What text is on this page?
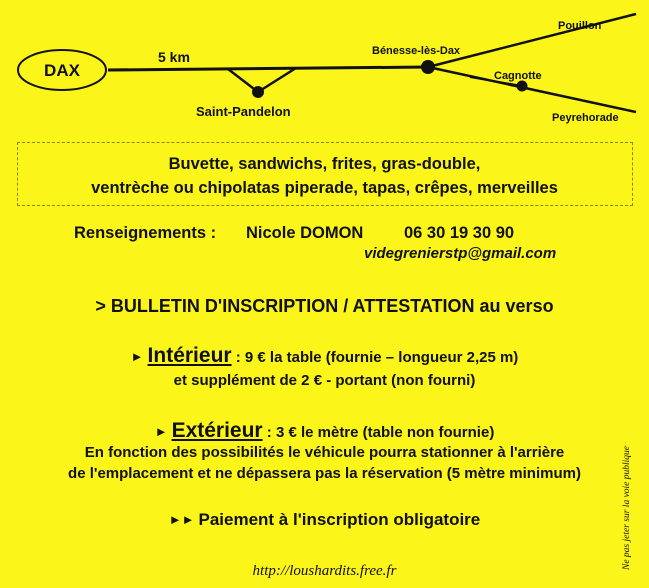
DAX
5 km
Saint-Pandelon
Bénesse-lès-Dax
Pouillon
Cagnotte
Peyrehorade
Buvette, sandwichs, frites, gras-double,
ventrèche ou chipolatas piperade, tapas, crêpes, merveilles
Renseignements : Nicole DOMON 06 30 19 30 90
videgrenierstp@gmail.com
> BULLETIN D'INSCRIPTION / ATTESTATION au verso
► Intérieur : 9 € la table (fournie – longueur 2,25 m)
et supplément de 2 € - portant (non fourni)
► Extérieur : 3 € le mètre (table non fournie)
En fonction des possibilités le véhicule pourra stationner à l'arrière
de l'emplacement et ne dépassera pas la réservation (5 mètre minimum)
►► Paiement à l'inscription obligatoire
http://loushardits.free.fr
Ne pas jeter sur la voie publique
